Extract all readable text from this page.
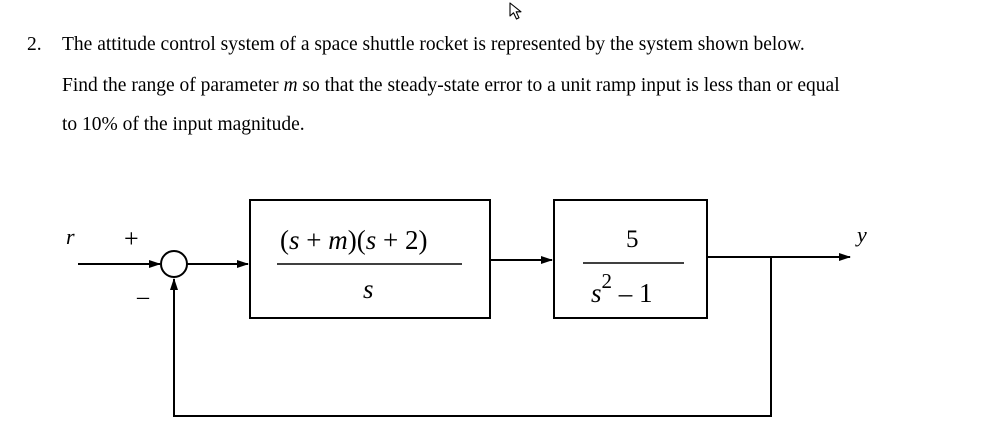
2. The attitude control system of a space shuttle rocket is represented by the system shown below.
Find the range of parameter m so that the steady-state error to a unit ramp input is less than or equal
to 10% of the input magnitude.
r	y
+
–
(s + m)(s + 2)
s
5
$s^2 - 1$
